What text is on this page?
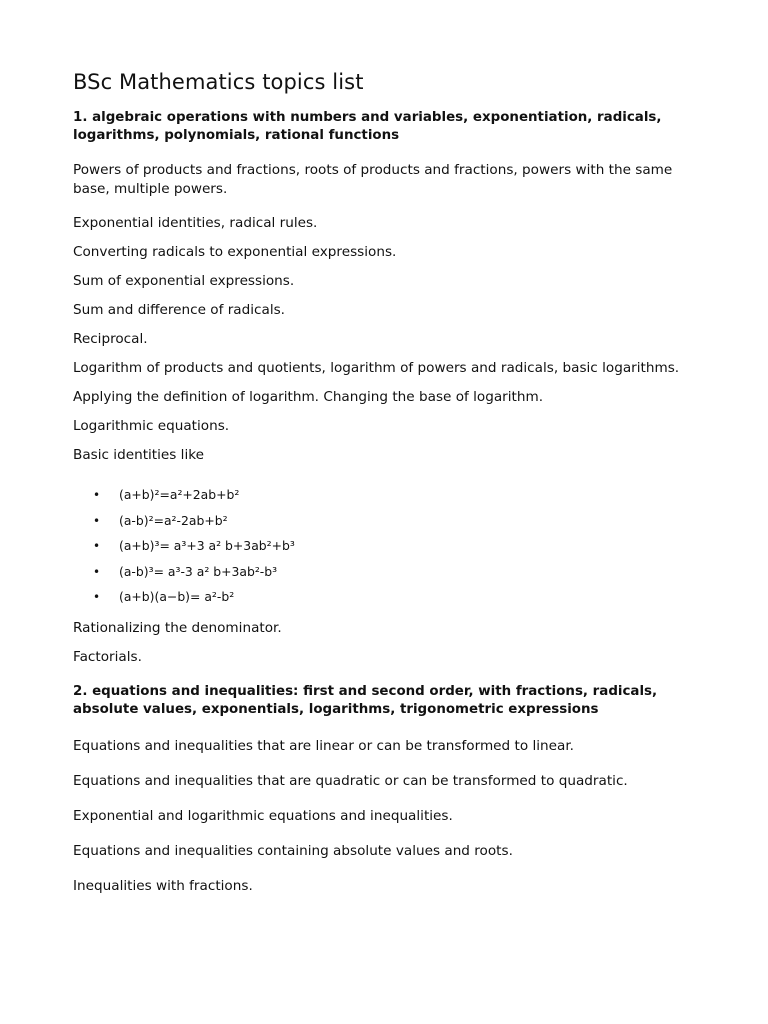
BSc Mathematics topics list

1. algebraic operations with numbers and variables, exponentiation, radicals, logarithms, polynomials, rational functions

Powers of products and fractions, roots of products and fractions, powers with the same base, multiple powers.

Exponential identities, radical rules.

Converting radicals to exponential expressions.

Sum of exponential expressions.

Sum and difference of radicals.

Reciprocal.

Logarithm of products and quotients, logarithm of powers and radicals, basic logarithms.

Applying the definition of logarithm. Changing the base of logarithm.

Logarithmic equations.

Basic identities like

• (a+b)²=a²+2ab+b²
• (a-b)²=a²-2ab+b²
• (a+b)³= a³+3 a² b+3ab²+b³
• (a-b)³= a³-3 a² b+3ab²-b³
• (a+b)(a−b)= a²-b²

Rationalizing the denominator.

Factorials.

2. equations and inequalities: first and second order, with fractions, radicals, absolute values, exponentials, logarithms, trigonometric expressions

Equations and inequalities that are linear or can be transformed to linear.

Equations and inequalities that are quadratic or can be transformed to quadratic.

Exponential and logarithmic equations and inequalities.

Equations and inequalities containing absolute values and roots.

Inequalities with fractions.
